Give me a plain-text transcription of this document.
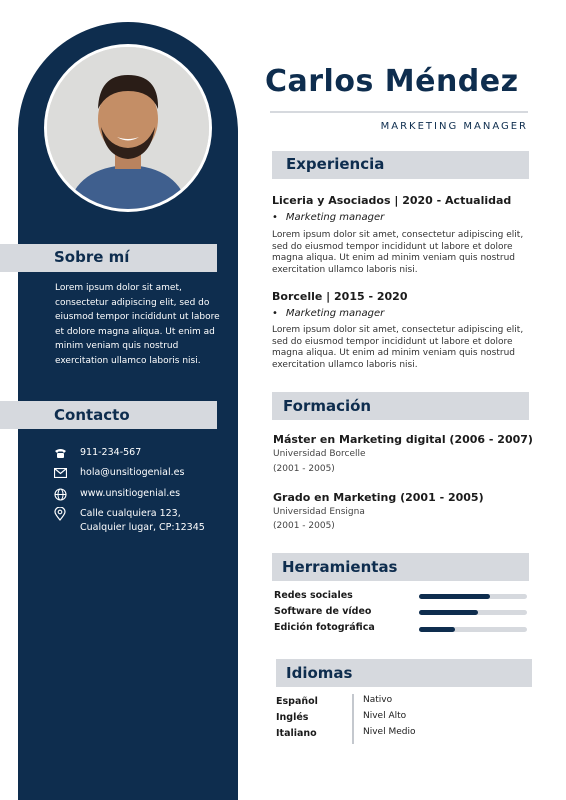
Sobre mí
Lorem ipsum dolor sit amet, consectetur adipiscing elit, sed do eiusmod tempor incididunt ut labore et dolore magna aliqua. Ut enim ad minim veniam quis nostrud exercitation ullamco laboris nisi.
Contacto
911-234-567
hola@unsitiogenial.es
www.unsitiogenial.es
Calle cualquiera 123,
Cualquier lugar, CP:12345
Carlos Méndez
MARKETING MANAGER
Experiencia
Liceria y Asociados | 2020 - Actualidad
• Marketing manager
Lorem ipsum dolor sit amet, consectetur adipiscing elit, sed do eiusmod tempor incididunt ut labore et dolore magna aliqua. Ut enim ad minim veniam quis nostrud exercitation ullamco laboris nisi.
Borcelle | 2015 - 2020
• Marketing manager
Lorem ipsum dolor sit amet, consectetur adipiscing elit, sed do eiusmod tempor incididunt ut labore et dolore magna aliqua. Ut enim ad minim veniam quis nostrud exercitation ullamco laboris nisi.
Formación
Máster en Marketing digital (2006 - 2007)
Universidad Borcelle
(2001 - 2005)
Grado en Marketing (2001 - 2005)
Universidad Ensigna
(2001 - 2005)
Herramientas
Redes sociales
Software de vídeo
Edición fotográfica
Idiomas
Español	Nativo
Inglés	Nivel Alto
Italiano	Nivel Medio
